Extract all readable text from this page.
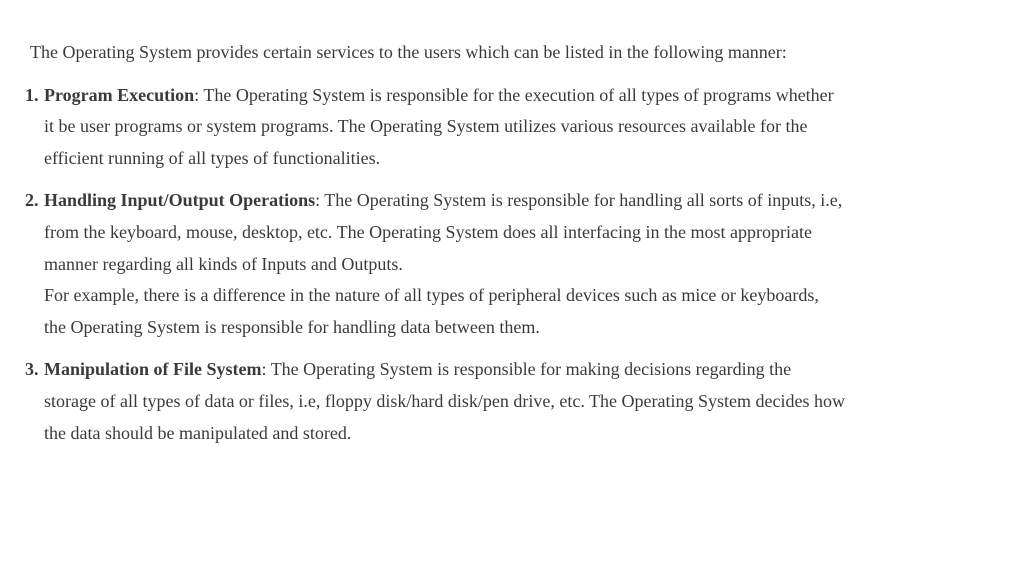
The Operating System provides certain services to the users which can be listed in the following manner:

1. Program Execution: The Operating System is responsible for the execution of all types of programs whether it be user programs or system programs. The Operating System utilizes various resources available for the efficient running of all types of functionalities.
2. Handling Input/Output Operations: The Operating System is responsible for handling all sorts of inputs, i.e, from the keyboard, mouse, desktop, etc. The Operating System does all interfacing in the most appropriate manner regarding all kinds of Inputs and Outputs.
For example, there is a difference in the nature of all types of peripheral devices such as mice or keyboards, the Operating System is responsible for handling data between them.
3. Manipulation of File System: The Operating System is responsible for making decisions regarding the storage of all types of data or files, i.e, floppy disk/hard disk/pen drive, etc. The Operating System decides how the data should be manipulated and stored.
